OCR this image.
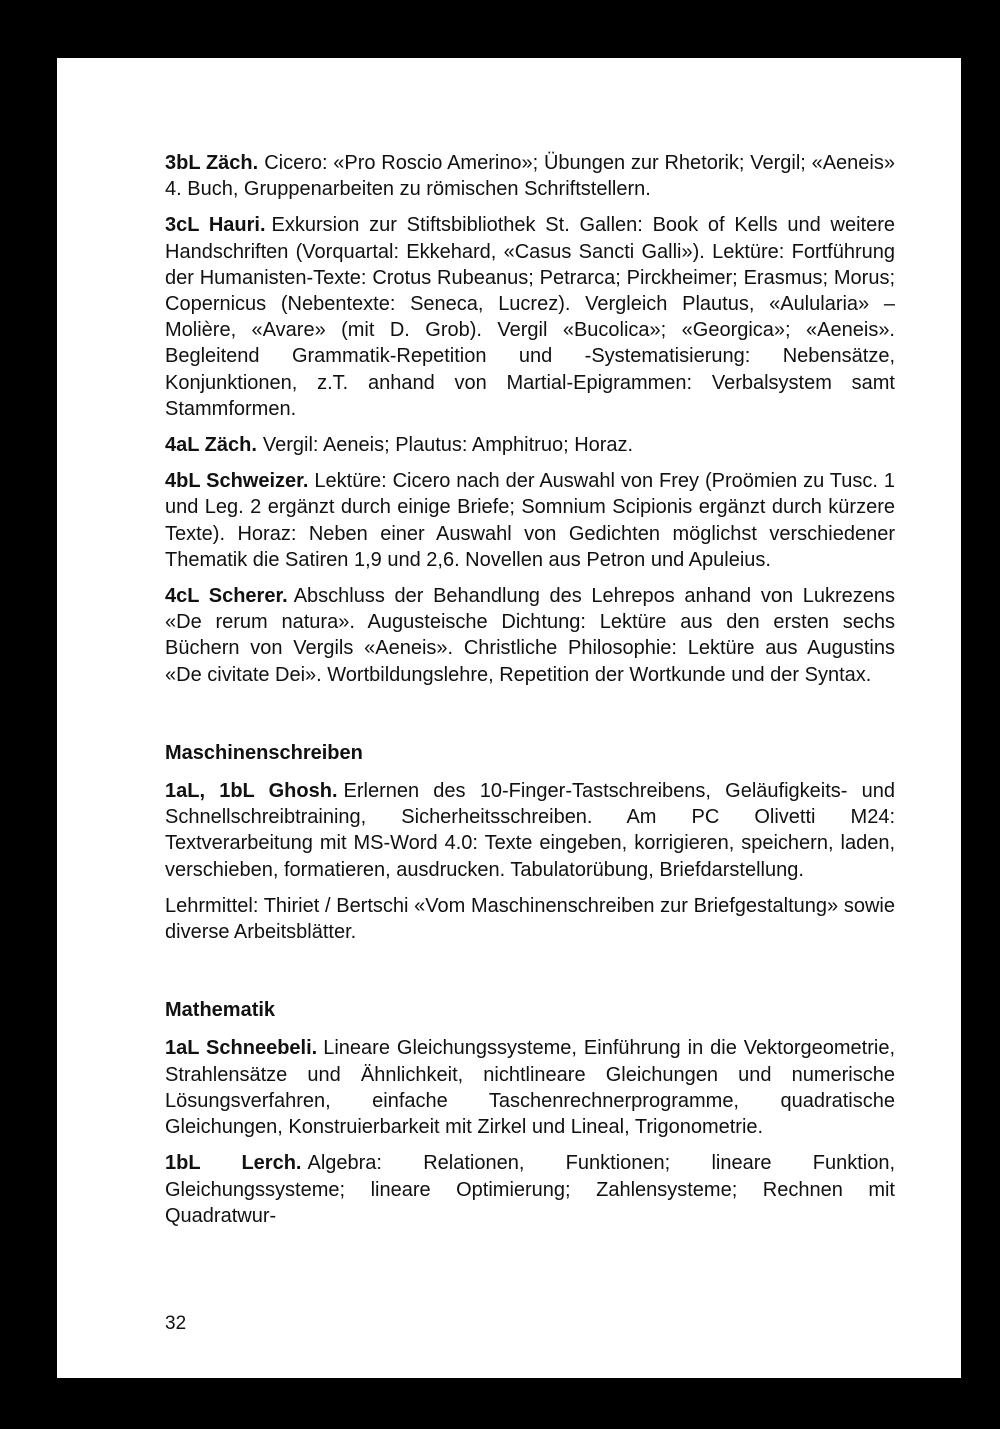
3bL Zäch. Cicero: «Pro Roscio Amerino»; Übungen zur Rhetorik; Vergil; «Aeneis» 4. Buch, Gruppenarbeiten zu römischen Schriftstellern.

3cL Hauri. Exkursion zur Stiftsbibliothek St. Gallen: Book of Kells und weitere Handschriften (Vorquartal: Ekkehard, «Casus Sancti Galli»). Lektüre: Fortführung der Humanisten-Texte: Crotus Rubeanus; Petrarca; Pirckheimer; Erasmus; Morus; Copernicus (Nebentexte: Seneca, Lucrez). Vergleich Plautus, «Aulularia» – Molière, «Avare» (mit D. Grob). Vergil «Bucolica»; «Georgica»; «Aeneis». Begleitend Grammatik-Repetition und -Systematisierung: Nebensätze, Konjunktionen, z.T. anhand von Martial-Epigrammen: Verbalsystem samt Stammformen.

4aL Zäch. Vergil: Aeneis; Plautus: Amphitruo; Horaz.

4bL Schweizer. Lektüre: Cicero nach der Auswahl von Frey (Proömien zu Tusc. 1 und Leg. 2 ergänzt durch einige Briefe; Somnium Scipionis ergänzt durch kürzere Texte). Horaz: Neben einer Auswahl von Gedichten möglichst verschiedener Thematik die Satiren 1,9 und 2,6. Novellen aus Petron und Apuleius.

4cL Scherer. Abschluss der Behandlung des Lehrepos anhand von Lukrezens «De rerum natura». Augusteische Dichtung: Lektüre aus den ersten sechs Büchern von Vergils «Aeneis». Christliche Philosophie: Lektüre aus Augustins «De civitate Dei». Wortbildungslehre, Repetition der Wortkunde und der Syntax.

Maschinenschreiben

1aL, 1bL Ghosh. Erlernen des 10-Finger-Tastschreibens, Geläufigkeits- und Schnellschreibtraining, Sicherheitsschreiben. Am PC Olivetti M24: Textverarbeitung mit MS-Word 4.0: Texte eingeben, korrigieren, speichern, laden, verschieben, formatieren, ausdrucken. Tabulatorübung, Briefdarstellung.

Lehrmittel: Thiriet / Bertschi «Vom Maschinenschreiben zur Briefgestaltung» sowie diverse Arbeitsblätter.

Mathematik

1aL Schneebeli. Lineare Gleichungssysteme, Einführung in die Vektorgeometrie, Strahlensätze und Ähnlichkeit, nichtlineare Gleichungen und numerische Lösungsverfahren, einfache Taschenrechnerprogramme, quadratische Gleichungen, Konstruierbarkeit mit Zirkel und Lineal, Trigonometrie.

1bL Lerch. Algebra: Relationen, Funktionen; lineare Funktion, Gleichungssysteme; lineare Optimierung; Zahlensysteme; Rechnen mit Quadratwur-

32
